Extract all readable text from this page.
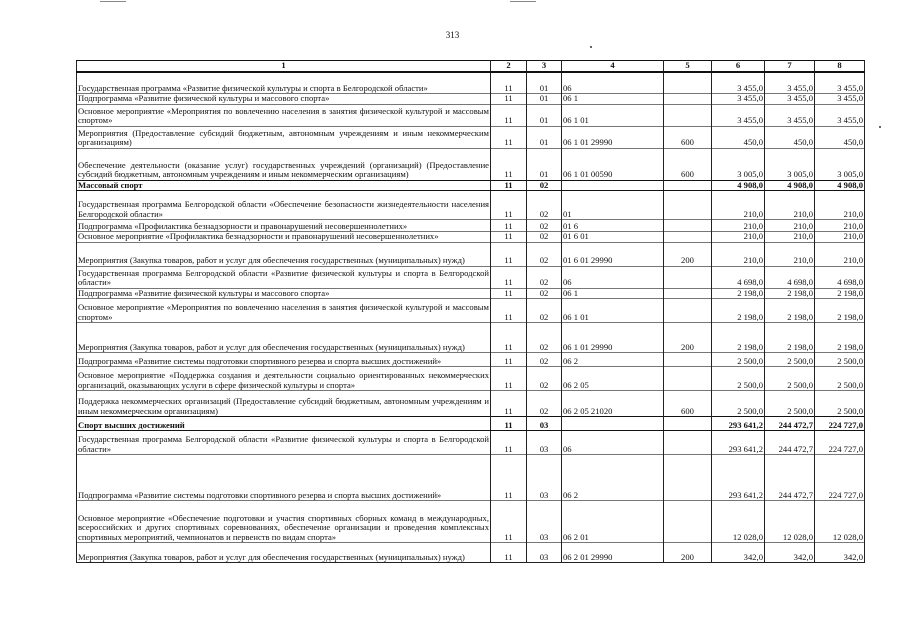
313
1	2	3	4	5	6	7	8
Государственная программа «Развитие физической культуры и спорта в Белгородской области»	11	01	06		3 455,0	3 455,0	3 455,0
Подпрограмма «Развитие физической культуры и массового спорта»	11	01	06 1		3 455,0	3 455,0	3 455,0
Основное мероприятие «Мероприятия по вовлечению населения в занятия физической культурой и массовым спортом»	11	01	06 1 01		3 455,0	3 455,0	3 455,0
Мероприятия (Предоставление субсидий бюджетным, автономным учреждениям и иным некоммерческим организациям)	11	01	06 1 01 29990	600	450,0	450,0	450,0
Обеспечение деятельности (оказание услуг) государственных учреждений (организаций) (Предоставление субсидий бюджетным, автономным учреждениям и иным некоммерческим организациям)	11	01	06 1 01 00590	600	3 005,0	3 005,0	3 005,0
Массовый спорт	11	02			4 908,0	4 908,0	4 908,0
Государственная программа Белгородской области «Обеспечение безопасности жизнедеятельности населения Белгородской области»	11	02	01		210,0	210,0	210,0
Подпрограмма «Профилактика безнадзорности и правонарушений несовершеннолетних»	11	02	01 6		210,0	210,0	210,0
Основное мероприятие «Профилактика безнадзорности и правонарушений несовершеннолетних»	11	02	01 6 01		210,0	210,0	210,0
Мероприятия (Закупка товаров, работ и услуг для обеспечения государственных (муниципальных) нужд)	11	02	01 6 01 29990	200	210,0	210,0	210,0
Государственная программа Белгородской области «Развитие физической культуры и спорта в Белгородской области»	11	02	06		4 698,0	4 698,0	4 698,0
Подпрограмма «Развитие физической культуры и массового спорта»	11	02	06 1		2 198,0	2 198,0	2 198,0
Основное мероприятие «Мероприятия по вовлечению населения в занятия физической культурой и массовым спортом»	11	02	06 1 01		2 198,0	2 198,0	2 198,0
Мероприятия (Закупка товаров, работ и услуг для обеспечения государственных (муниципальных) нужд)	11	02	06 1 01 29990	200	2 198,0	2 198,0	2 198,0
Подпрограмма «Развитие системы подготовки спортивного резерва и спорта высших достижений»	11	02	06 2		2 500,0	2 500,0	2 500,0
Основное мероприятие «Поддержка создания и деятельности социально ориентированных некоммерческих организаций, оказывающих услуги в сфере физической культуры и спорта»	11	02	06 2 05		2 500,0	2 500,0	2 500,0
Поддержка некоммерческих организаций (Предоставление субсидий бюджетным, автономным учреждениям и иным некоммерческим организациям)	11	02	06 2 05 21020	600	2 500,0	2 500,0	2 500,0
Спорт высших достижений	11	03			293 641,2	244 472,7	224 727,0
Государственная программа Белгородской области «Развитие физической культуры и спорта в Белгородской области»	11	03	06		293 641,2	244 472,7	224 727,0
Подпрограмма «Развитие системы подготовки спортивного резерва и спорта высших достижений»	11	03	06 2		293 641,2	244 472,7	224 727,0
Основное мероприятие «Обеспечение подготовки и участия спортивных сборных команд в международных, всероссийских и других спортивных соревнованиях, обеспечение организации и проведения комплексных спортивных мероприятий, чемпионатов и первенств по видам спорта»	11	03	06 2 01		12 028,0	12 028,0	12 028,0
Мероприятия (Закупка товаров, работ и услуг для обеспечения государственных (муниципальных) нужд)	11	03	06 2 01 29990	200	342,0	342,0	342,0
